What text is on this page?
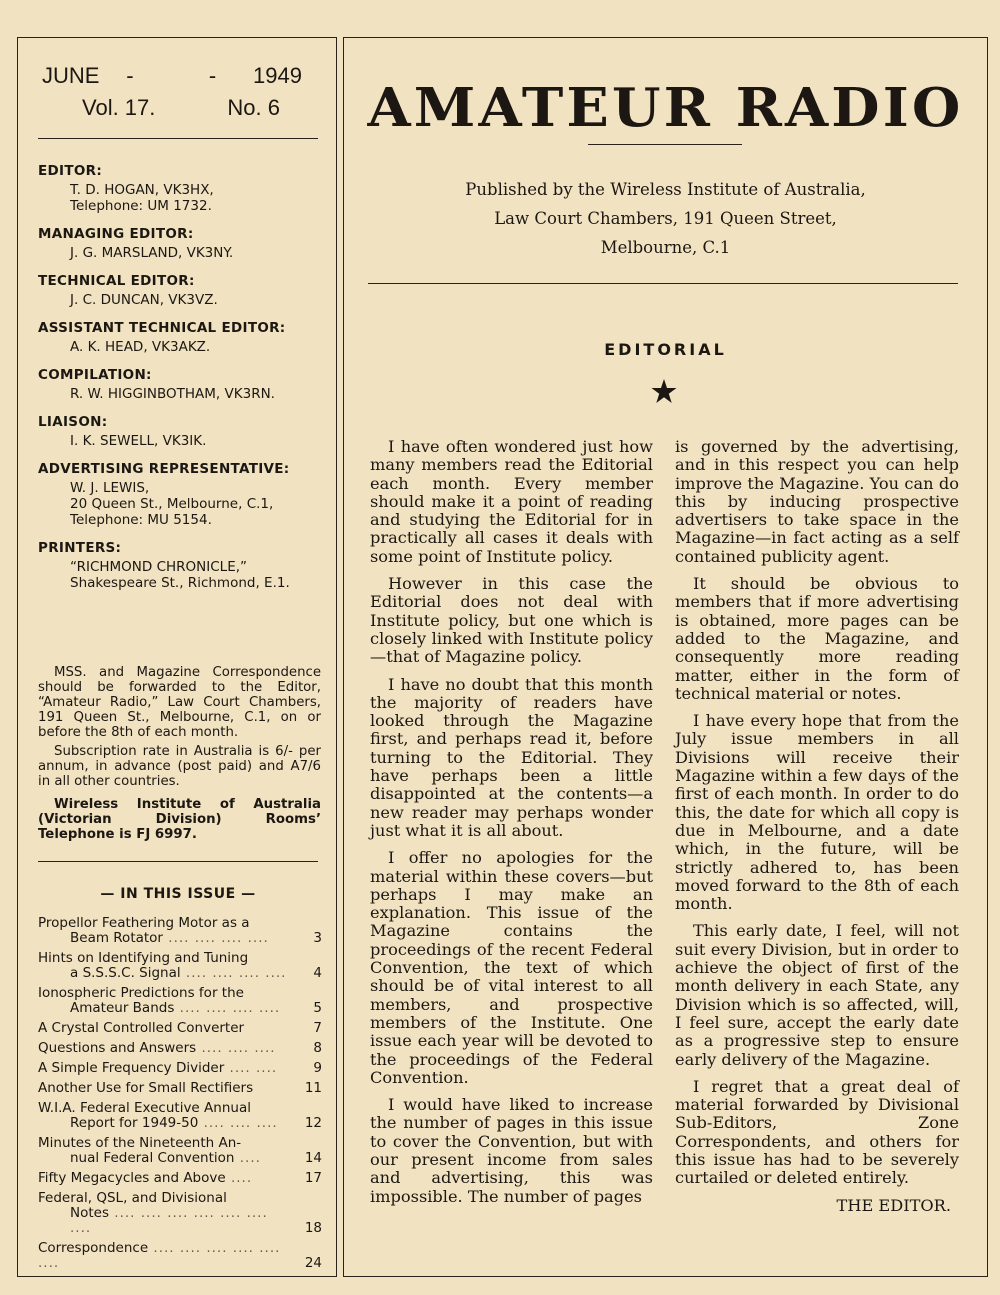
JUNE -	- 1949
Vol. 17.	No. 6
EDITOR:
T. D. HOGAN, VK3HX,
Telephone: UM 1732.
MANAGING EDITOR:
J. G. MARSLAND, VK3NY.
TECHNICAL EDITOR:
J. C. DUNCAN, VK3VZ.
ASSISTANT TECHNICAL EDITOR:
A. K. HEAD, VK3AKZ.
COMPILATION:
R. W. HIGGINBOTHAM, VK3RN.
LIAISON:
I. K. SEWELL, VK3IK.
ADVERTISING REPRESENTATIVE:
W. J. LEWIS,
20 Queen St., Melbourne, C.1,
Telephone: MU 5154.
PRINTERS:
“RICHMOND CHRONICLE,”
Shakespeare St., Richmond, E.1.
MSS. and Magazine Correspondence should be forwarded to the Editor, “Amateur Radio,” Law Court Chambers, 191 Queen St., Melbourne, C.1, on or before the 8th of each month.
Subscription rate in Australia is 6/- per annum, in advance (post paid) and A7/6 in all other countries.
Wireless Institute of Australia (Victorian Division) Rooms’ Telephone is FJ 6997.
— IN THIS ISSUE —
Propellor Feathering Motor as a
Beam Rotator .... .... .... ....	3
Hints on Identifying and Tuning
a S.S.S.C. Signal .... .... .... ....	4
Ionospheric Predictions for the
Amateur Bands .... .... .... ....	5
A Crystal Controlled Converter	7
Questions and Answers .... .... ....	8
A Simple Frequency Divider .... ....	9
Another Use for Small Rectifiers	11
W.I.A. Federal Executive Annual
Report for 1949-50 .... .... ....	12
Minutes of the Nineteenth An-
nual Federal Convention ....	14
Fifty Megacycles and Above ....	17
Federal, QSL, and Divisional
Notes .... .... .... .... .... .... ....	18
Correspondence .... .... .... .... .... ....	24
AMATEUR RADIO
Published by the Wireless Institute of Australia,
Law Court Chambers, 191 Queen Street,
Melbourne, C.1
EDITORIAL

I have often wondered just how many members read the Editorial each month. Every member should make it a point of reading and studying the Editorial for in practically all cases it deals with some point of Institute policy.

However in this case the Editorial does not deal with Institute policy, but one which is closely linked with Institute policy—that of Magazine policy.

I have no doubt that this month the majority of readers have looked through the Magazine first, and perhaps read it, before turning to the Editorial. They have perhaps been a little disappointed at the contents—a new reader may perhaps wonder just what it is all about.

I offer no apologies for the material within these covers—but perhaps I may make an explanation. This issue of the Magazine contains the proceedings of the recent Federal Convention, the text of which should be of vital interest to all members, and prospective members of the Institute. One issue each year will be devoted to the proceedings of the Federal Convention.

I would have liked to increase the number of pages in this issue to cover the Convention, but with our present income from sales and advertising, this was impossible. The number of pages

is governed by the advertising, and in this respect you can help improve the Magazine. You can do this by inducing prospective advertisers to take space in the Magazine—in fact acting as a self contained publicity agent.

It should be obvious to members that if more advertising is obtained, more pages can be added to the Magazine, and consequently more reading matter, either in the form of technical material or notes.

I have every hope that from the July issue members in all Divisions will receive their Magazine within a few days of the first of each month. In order to do this, the date for which all copy is due in Melbourne, and a date which, in the future, will be strictly adhered to, has been moved forward to the 8th of each month.

This early date, I feel, will not suit every Division, but in order to achieve the object of first of the month delivery in each State, any Division which is so affected, will, I feel sure, accept the early date as a progressive step to ensure early delivery of the Magazine.

I regret that a great deal of material forwarded by Divisional Sub-Editors, Zone Correspondents, and others for this issue has had to be severely curtailed or deleted entirely.

THE EDITOR.
